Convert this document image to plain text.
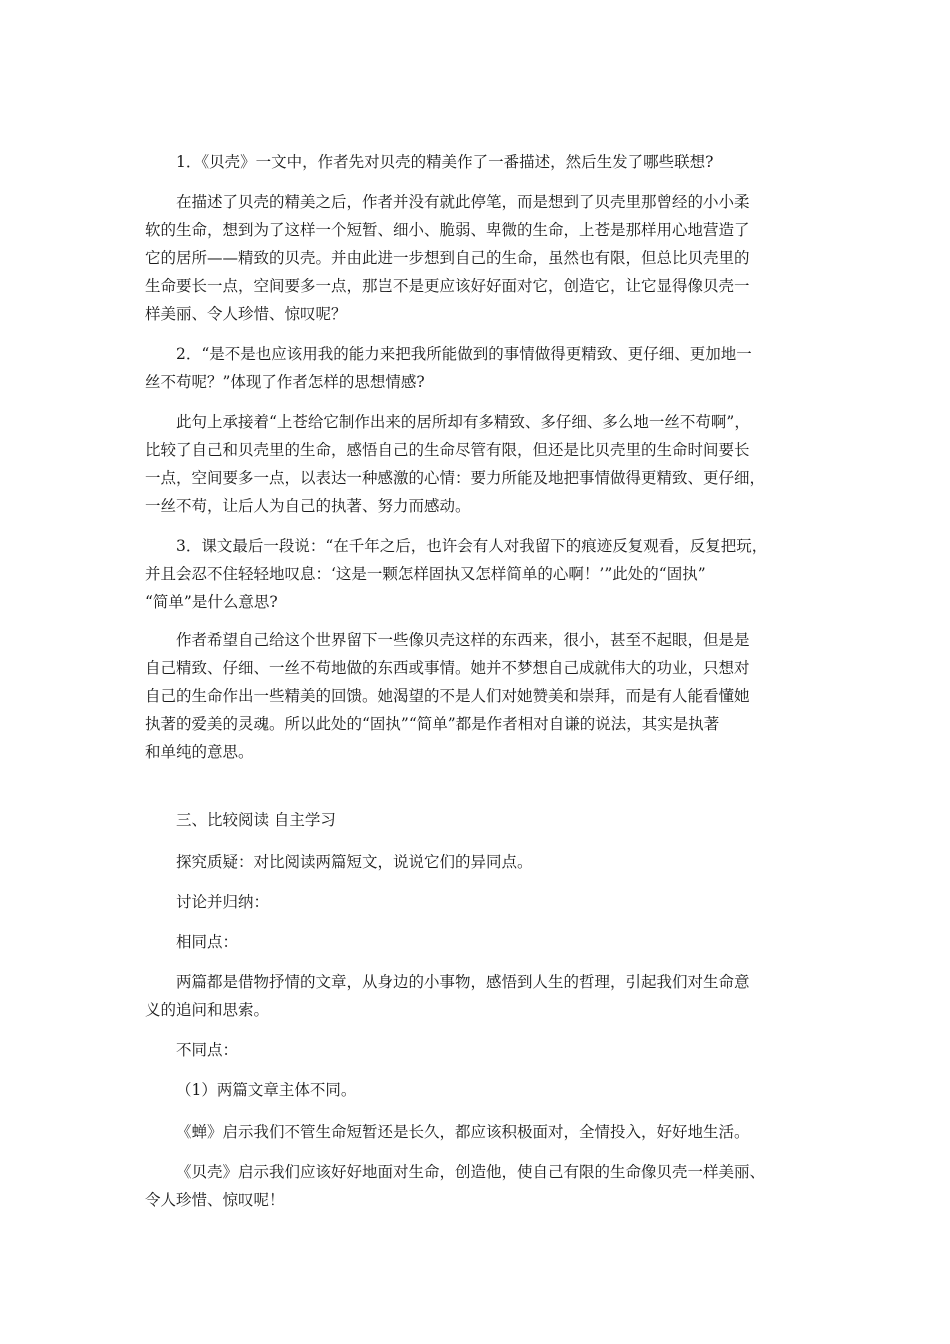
1．《贝壳》一文中，作者先对贝壳的精美作了一番描述，然后生发了哪些联想?

在描述了贝壳的精美之后，作者并没有就此停笔，而是想到了贝壳里那曾经的小小柔
软的生命，想到为了这样一个短暂、细小、脆弱、卑微的生命，上苍是那样用心地营造了
它的居所——精致的贝壳。并由此进一步想到自己的生命，虽然也有限，但总比贝壳里的
生命要长一点，空间要多一点，那岂不是更应该好好面对它，创造它，让它显得像贝壳一
样美丽、令人珍惜、惊叹呢？

2．“是不是也应该用我的能力来把我所能做到的事情做得更精致、更仔细、更加地一
丝不苟呢？”体现了作者怎样的思想情感?

此句上承接着“上苍给它制作出来的居所却有多精致、多仔细、多么地一丝不苟啊”，
比较了自己和贝壳里的生命，感悟自己的生命尽管有限，但还是比贝壳里的生命时间要长
一点，空间要多一点，以表达一种感激的心情：要力所能及地把事情做得更精致、更仔细，
一丝不苟，让后人为自己的执著、努力而感动。

3．课文最后一段说：“在千年之后，也许会有人对我留下的痕迹反复观看，反复把玩，
并且会忍不住轻轻地叹息：‘这是一颗怎样固执又怎样简单的心啊！’”此处的“固执”
“简单”是什么意思?

作者希望自己给这个世界留下一些像贝壳这样的东西来，很小，甚至不起眼，但是是
自己精致、仔细、一丝不苟地做的东西或事情。她并不梦想自己成就伟大的功业，只想对
自己的生命作出一些精美的回馈。她渴望的不是人们对她赞美和崇拜，而是有人能看懂她
执著的爱美的灵魂。所以此处的“固执”“简单”都是作者相对自谦的说法，其实是执著
和单纯的意思。

三、比较阅读 自主学习

探究质疑：对比阅读两篇短文，说说它们的异同点。

讨论并归纳：

相同点：

两篇都是借物抒情的文章，从身边的小事物，感悟到人生的哲理，引起我们对生命意
义的追问和思索。

不同点：

（1）两篇文章主体不同。

《蝉》启示我们不管生命短暂还是长久，都应该积极面对，全情投入，好好地生活。

《贝壳》启示我们应该好好地面对生命，创造他，使自己有限的生命像贝壳一样美丽、
令人珍惜、惊叹呢！
